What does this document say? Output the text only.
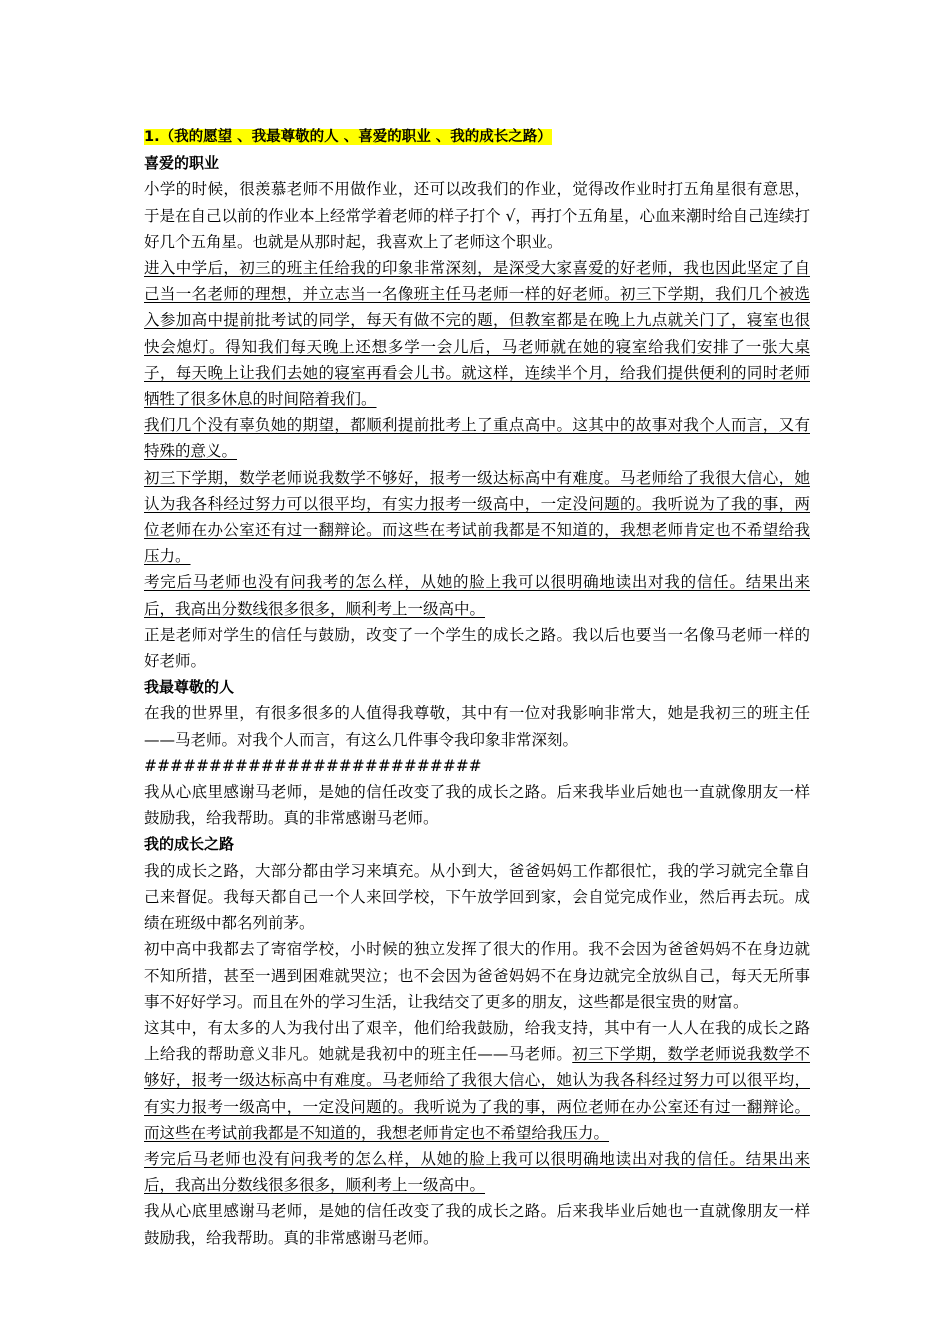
1.（我的愿望 、我最尊敬的人 、喜爱的职业 、我的成长之路）
喜爱的职业

小学的时候，很羡慕老师不用做作业，还可以改我们的作业，觉得改作业时打五角星很有意思，于是在自己以前的作业本上经常学着老师的样子打个 √，再打个五角星，心血来潮时给自己连续打好几个五角星。也就是从那时起，我喜欢上了老师这个职业。

进入中学后，初三的班主任给我的印象非常深刻，是深受大家喜爱的好老师，我也因此坚定了自己当一名老师的理想，并立志当一名像班主任马老师一样的好老师。初三下学期，我们几个被选入参加高中提前批考试的同学，每天有做不完的题，但教室都是在晚上九点就关门了，寝室也很快会熄灯。得知我们每天晚上还想多学一会儿后，马老师就在她的寝室给我们安排了一张大桌子，每天晚上让我们去她的寝室再看会儿书。就这样，连续半个月，给我们提供便利的同时老师牺牲了很多休息的时间陪着我们。

我们几个没有辜负她的期望，都顺利提前批考上了重点高中。这其中的故事对我个人而言，又有特殊的意义。

初三下学期，数学老师说我数学不够好，报考一级达标高中有难度。马老师给了我很大信心，她认为我各科经过努力可以很平均，有实力报考一级高中，一定没问题的。我听说为了我的事，两位老师在办公室还有过一翻辩论。而这些在考试前我都是不知道的，我想老师肯定也不希望给我压力。

考完后马老师也没有问我考的怎么样，从她的脸上我可以很明确地读出对我的信任。结果出来后，我高出分数线很多很多，顺利考上一级高中。

正是老师对学生的信任与鼓励，改变了一个学生的成长之路。我以后也要当一名像马老师一样的好老师。

我最尊敬的人

在我的世界里，有很多很多的人值得我尊敬，其中有一位对我影响非常大，她是我初三的班主任——马老师。对我个人而言，有这么几件事令我印象非常深刻。

##########################

我从心底里感谢马老师，是她的信任改变了我的成长之路。后来我毕业后她也一直就像朋友一样鼓励我，给我帮助。真的非常感谢马老师。

我的成长之路

我的成长之路，大部分都由学习来填充。从小到大，爸爸妈妈工作都很忙，我的学习就完全靠自己来督促。我每天都自己一个人来回学校，下午放学回到家，会自觉完成作业，然后再去玩。成绩在班级中都名列前茅。

初中高中我都去了寄宿学校，小时候的独立发挥了很大的作用。我不会因为爸爸妈妈不在身边就不知所措，甚至一遇到困难就哭泣；也不会因为爸爸妈妈不在身边就完全放纵自己，每天无所事事不好好学习。而且在外的学习生活，让我结交了更多的朋友，这些都是很宝贵的财富。

这其中，有太多的人为我付出了艰辛，他们给我鼓励，给我支持，其中有一人人在我的成长之路上给我的帮助意义非凡。她就是我初中的班主任——马老师。初三下学期，数学老师说我数学不够好，报考一级达标高中有难度。马老师给了我很大信心，她认为我各科经过努力可以很平均，有实力报考一级高中，一定没问题的。我听说为了我的事，两位老师在办公室还有过一翻辩论。而这些在考试前我都是不知道的，我想老师肯定也不希望给我压力。

考完后马老师也没有问我考的怎么样，从她的脸上我可以很明确地读出对我的信任。结果出来后，我高出分数线很多很多，顺利考上一级高中。

我从心底里感谢马老师，是她的信任改变了我的成长之路。后来我毕业后她也一直就像朋友一样鼓励我，给我帮助。真的非常感谢马老师。
